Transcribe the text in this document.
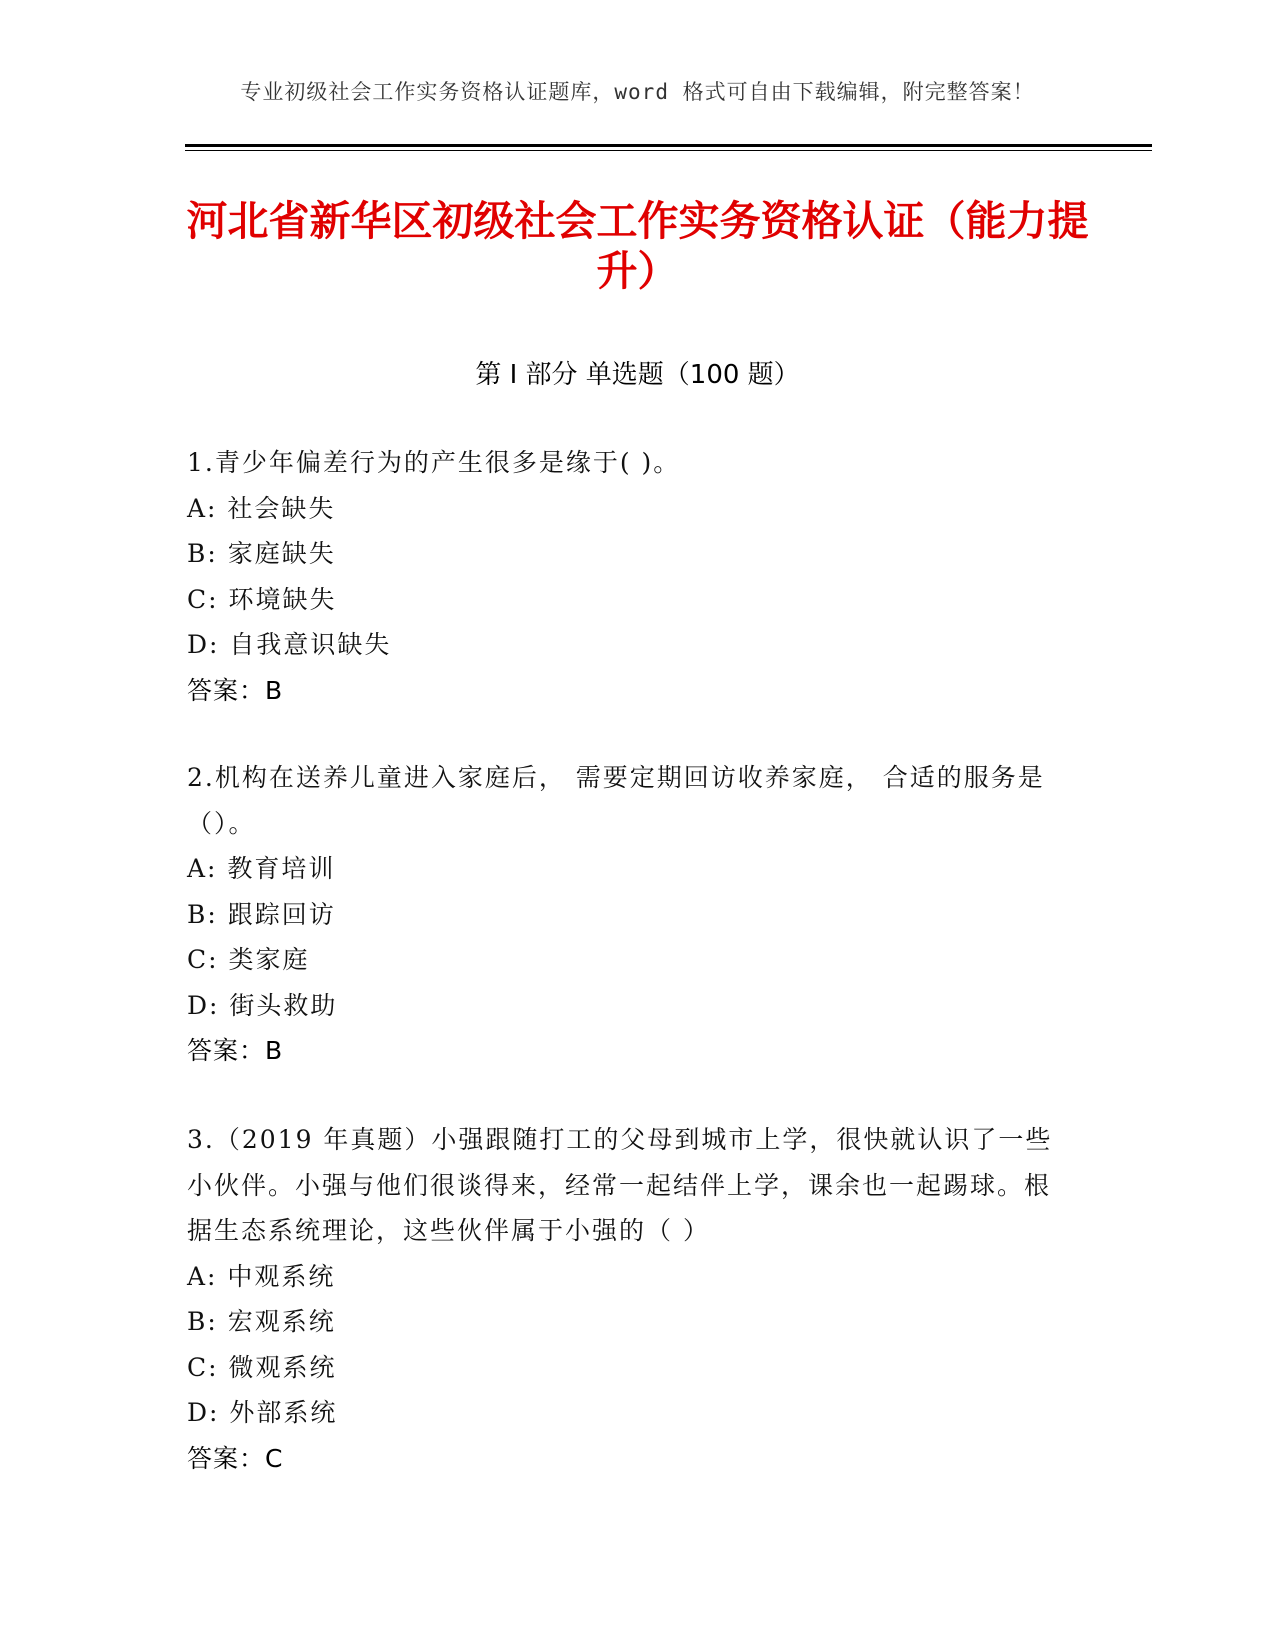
专业初级社会工作实务资格认证题库，word 格式可自由下载编辑，附完整答案！
河北省新华区初级社会工作实务资格认证（能力提升）
第 I 部分 单选题（100 题）

1.青少年偏差行为的产生很多是缘于( )。

A: 社会缺失

B: 家庭缺失

C: 环境缺失

D: 自我意识缺失

答案：B

2.机构在送养儿童进入家庭后， 需要定期回访收养家庭， 合适的服务是（）。

A: 教育培训

B: 跟踪回访

C: 类家庭

D: 街头救助

答案：B

3.（2019 年真题）小强跟随打工的父母到城市上学，很快就认识了一些小伙伴。小强与他们很谈得来，经常一起结伴上学，课余也一起踢球。根据生态系统理论，这些伙伴属于小强的（ ）

A: 中观系统

B: 宏观系统

C: 微观系统

D: 外部系统

答案：C
